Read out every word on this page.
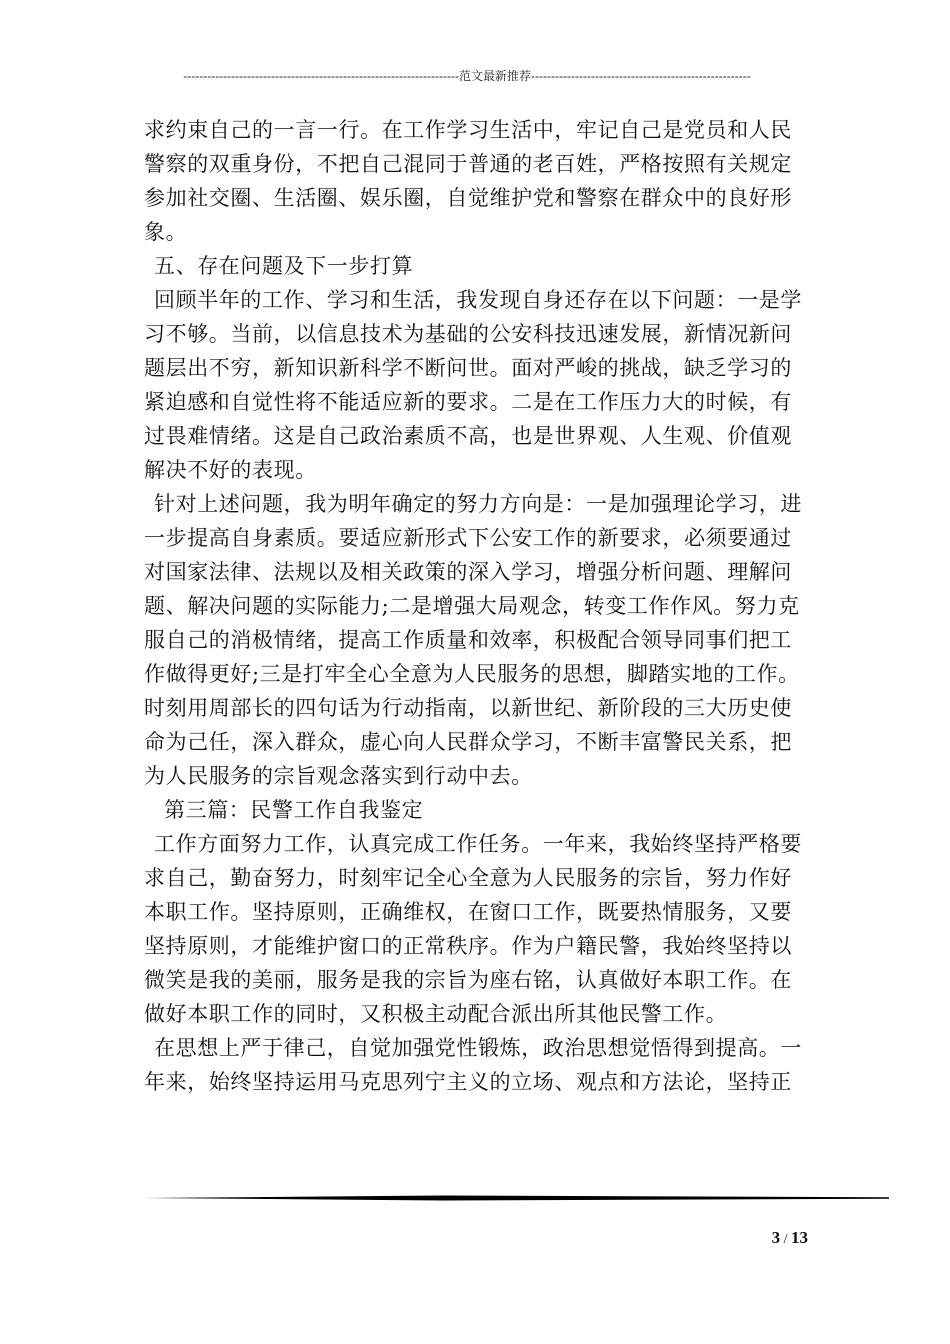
---------------------------------------------------------------------范文最新推荐-------------------------------------------------------

求约束自己的一言一行。在工作学习生活中，牢记自己是党员和人民警察的双重身份，不把自己混同于普通的老百姓，严格按照有关规定参加社交圈、生活圈、娱乐圈，自觉维护党和警察在群众中的良好形象。

五、存在问题及下一步打算

回顾半年的工作、学习和生活，我发现自身还存在以下问题：一是学习不够。当前，以信息技术为基础的公安科技迅速发展，新情况新问题层出不穷，新知识新科学不断问世。面对严峻的挑战，缺乏学习的紧迫感和自觉性将不能适应新的要求。二是在工作压力大的时候，有过畏难情绪。这是自己政治素质不高，也是世界观、人生观、价值观解决不好的表现。

针对上述问题，我为明年确定的努力方向是：一是加强理论学习，进一步提高自身素质。要适应新形式下公安工作的新要求，必须要通过对国家法律、法规以及相关政策的深入学习，增强分析问题、理解问题、解决问题的实际能力;二是增强大局观念，转变工作作风。努力克服自己的消极情绪，提高工作质量和效率，积极配合领导同事们把工作做得更好;三是打牢全心全意为人民服务的思想，脚踏实地的工作。时刻用周部长的四句话为行动指南，以新世纪、新阶段的三大历史使命为己任，深入群众，虚心向人民群众学习，不断丰富警民关系，把为人民服务的宗旨观念落实到行动中去。

第三篇：民警工作自我鉴定

工作方面努力工作，认真完成工作任务。一年来，我始终坚持严格要求自己，勤奋努力，时刻牢记全心全意为人民服务的宗旨，努力作好本职工作。坚持原则，正确维权，在窗口工作，既要热情服务，又要坚持原则，才能维护窗口的正常秩序。作为户籍民警，我始终坚持以微笑是我的美丽，服务是我的宗旨为座右铭，认真做好本职工作。在做好本职工作的同时，又积极主动配合派出所其他民警工作。

在思想上严于律己，自觉加强党性锻炼，政治思想觉悟得到提高。一年来，始终坚持运用马克思列宁主义的立场、观点和方法论，坚持正

3 / 13
